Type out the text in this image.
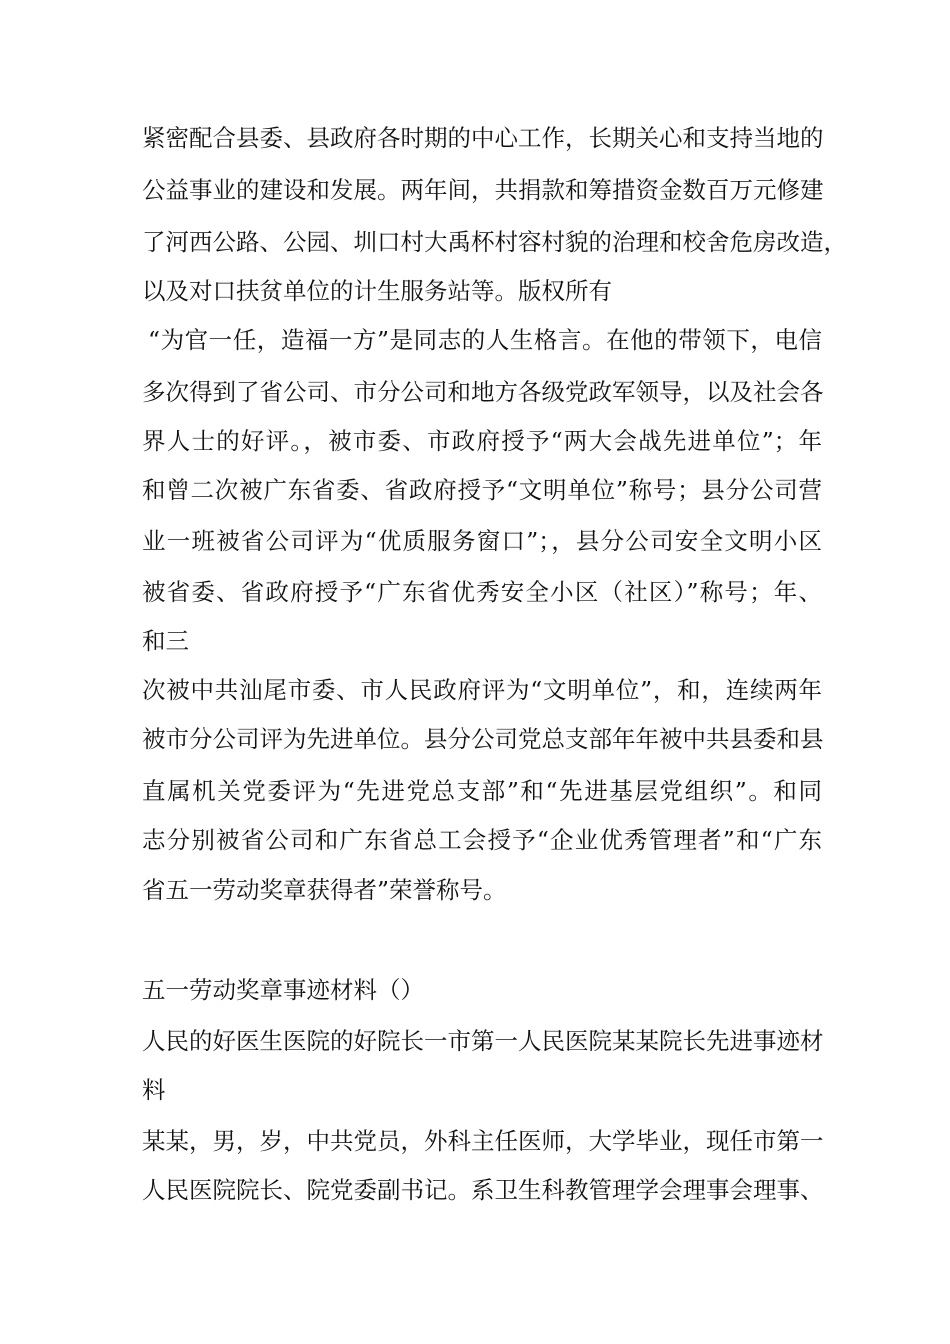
紧密配合县委、县政府各时期的中心工作，长期关心和支持当地的
公益事业的建设和发展。两年间，共捐款和筹措资金数百万元修建
了河西公路、公园、圳口村大禹杯村容村貌的治理和校舍危房改造，
以及对口扶贫单位的计生服务站等。版权所有
“为官一任，造福一方”是同志的人生格言。在他的带领下，电信
多次得到了省公司、市分公司和地方各级党政军领导，以及社会各
界人士的好评。，被市委、市政府授予“两大会战先进单位”；年
和曾二次被广东省委、省政府授予“文明单位”称号；县分公司营
业一班被省公司评为“优质服务窗口”；，县分公司安全文明小区
被省委、省政府授予“广东省优秀安全小区（社区）”称号；年、
和三
次被中共汕尾市委、市人民政府评为“文明单位”，和，连续两年
被市分公司评为先进单位。县分公司党总支部年年被中共县委和县
直属机关党委评为“先进党总支部”和“先进基层党组织”。和同
志分别被省公司和广东省总工会授予“企业优秀管理者”和“广东
省五一劳动奖章获得者”荣誉称号。
五一劳动奖章事迹材料（）
人民的好医生医院的好院长一市第一人民医院某某院长先进事迹材
料
某某，男，岁，中共党员，外科主任医师，大学毕业，现任市第一
人民医院院长、院党委副书记。系卫生科教管理学会理事会理事、
